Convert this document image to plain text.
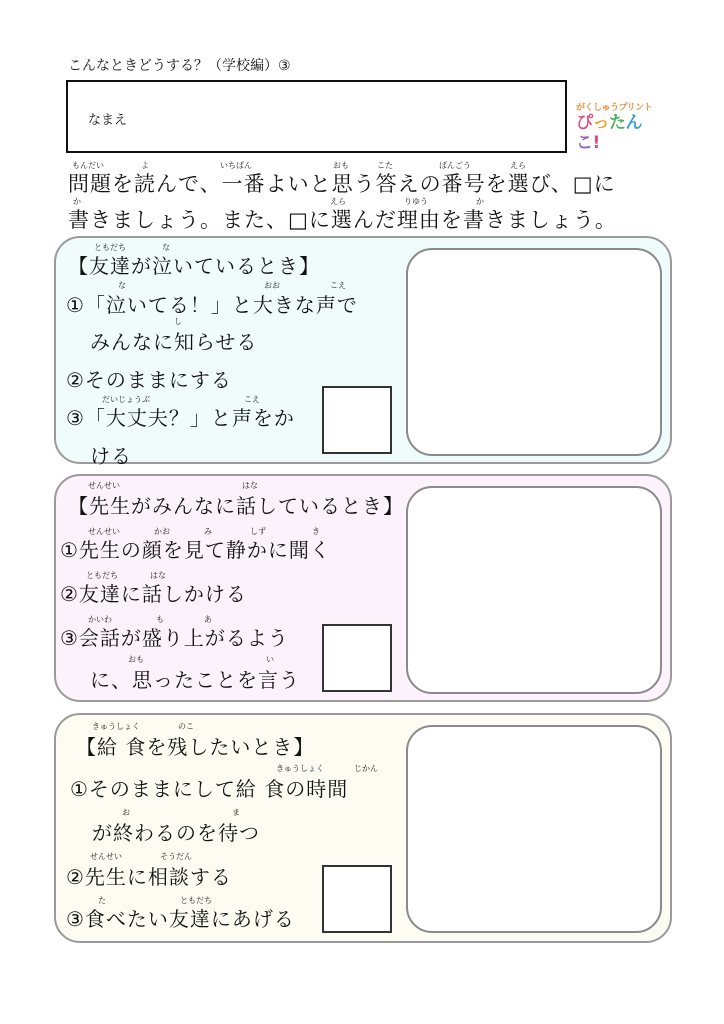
こんなときどうする？（学校編）③
なまえ
がくしゅうプリント
ぴったんこ!
もんだい	よ	いちばん	おも	こた	ばんごう	えら
問題を読んで、一番よいと思う答えの番号を選び、□に
か	えら	りゆう	か
書きましょう。また、□に選んだ理由を書きましょう。
ともだち	な
【友達が泣いているとき】
な	おお	こえ
①「泣いてる！」と大きな声で
し
みんなに知らせる
②そのままにする
だいじょうぶ	こえ
③「大丈夫？」と声をか
ける
せんせい	はな
【先生がみんなに話しているとき】
せんせい	かお	み	しず	き
①先生の顔を見て静かに聞く
ともだち	はな
②友達に話しかける
かいわ	も	あ
③会話が盛り上がるよう
おも	い
に、思ったことを言う
きゅうしょく	のこ
【給 食を残したいとき】
きゅうしょく	じかん
①そのままにして給 食の時間
お	ま
が終わるのを待つ
せんせい	そうだん
②先生に相談する
た	ともだち
③食べたい友達にあげる
